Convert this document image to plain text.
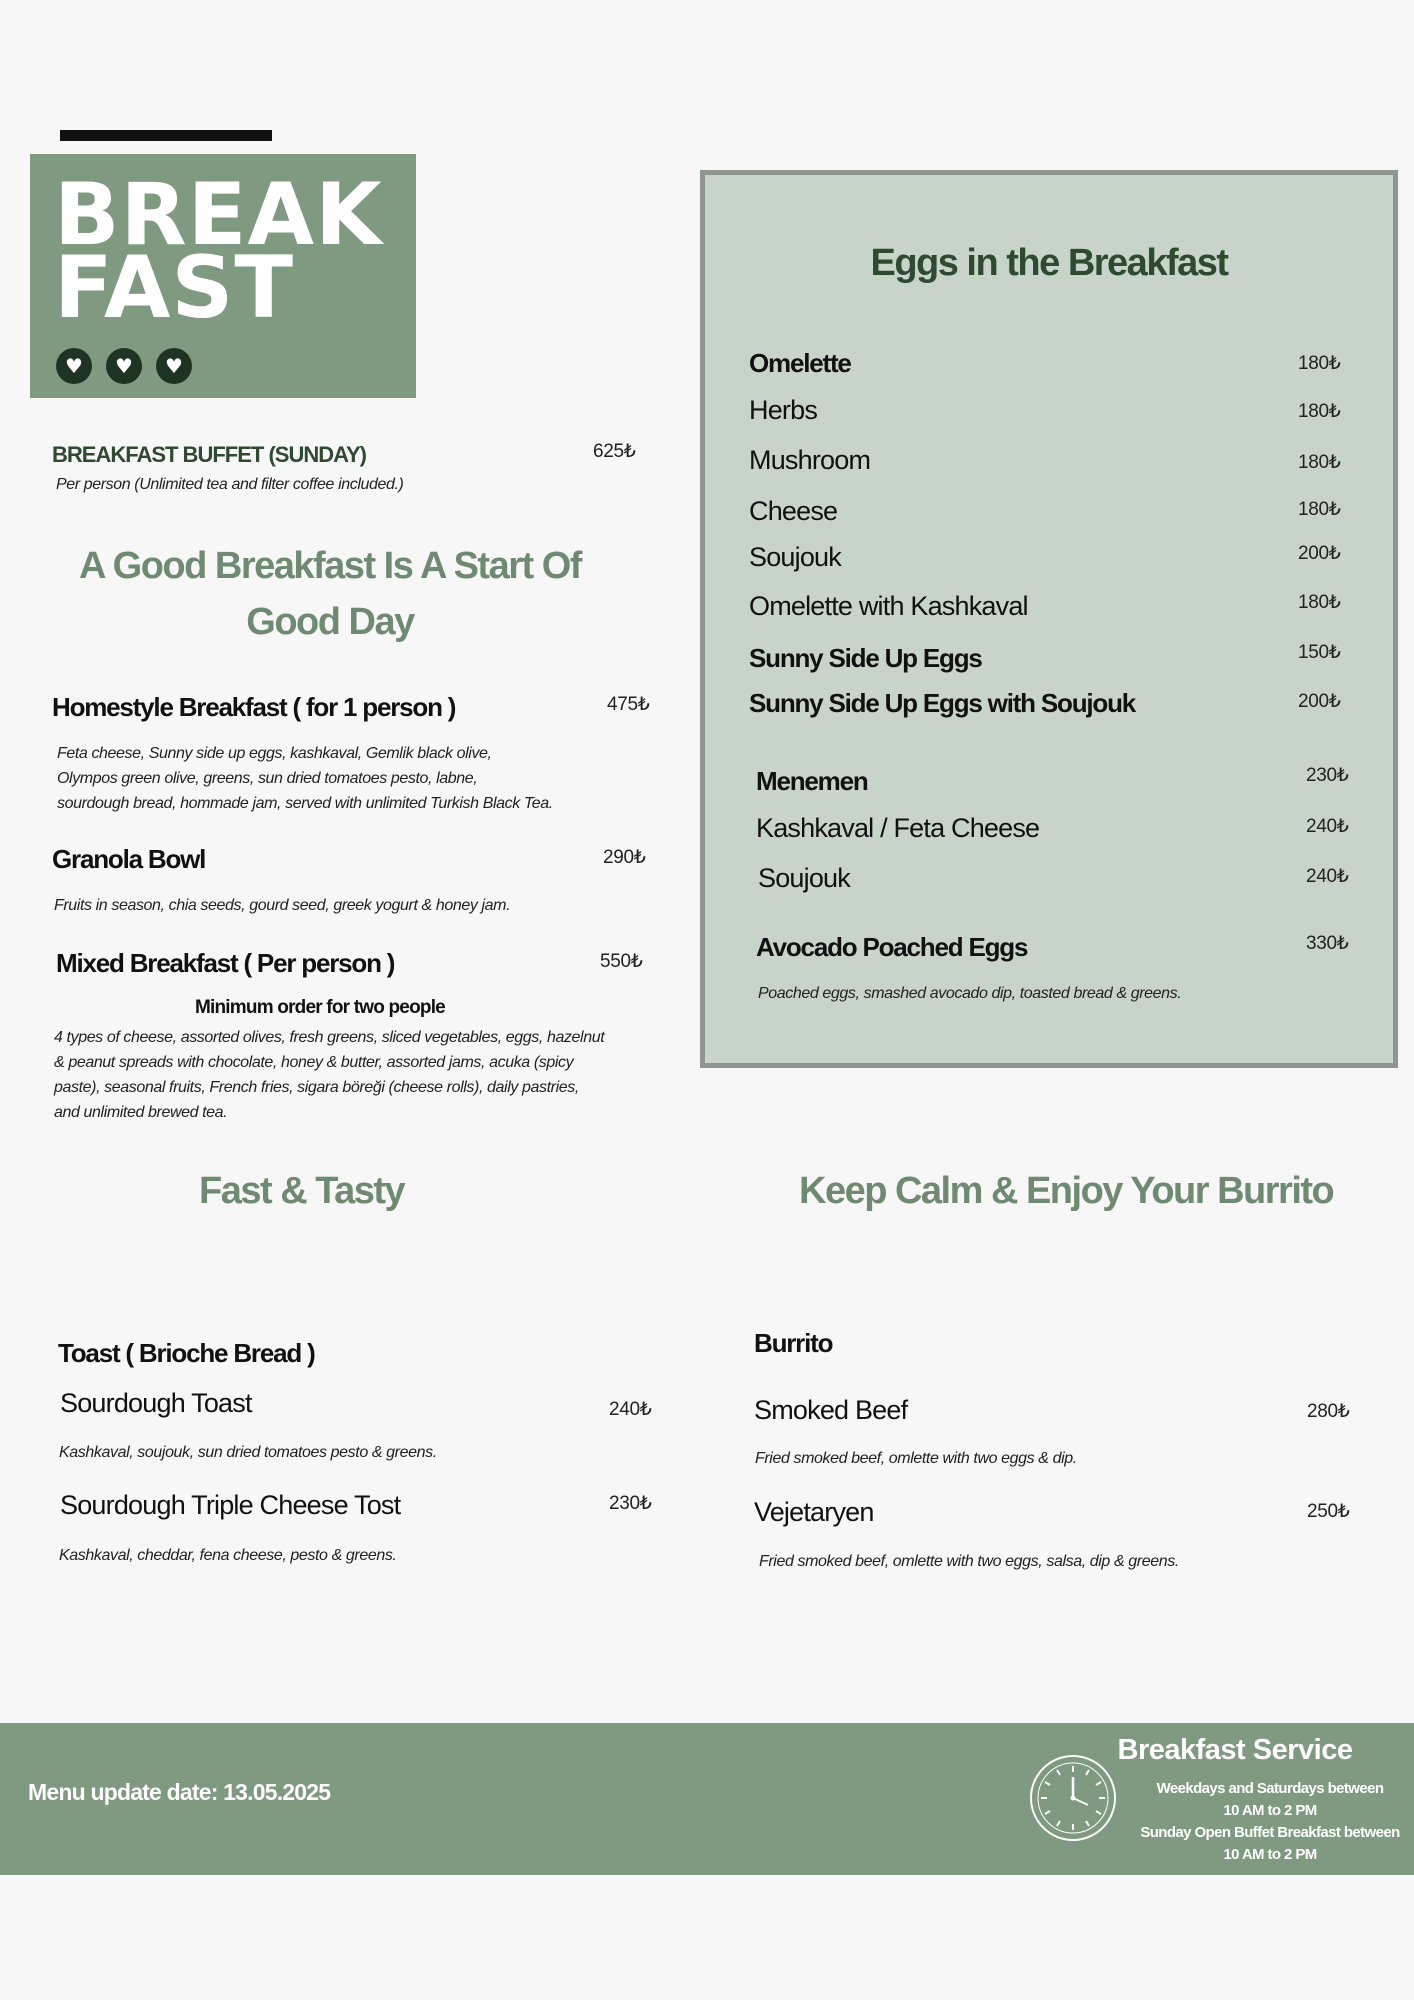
BREAK
FAST
♥	♥	♥
BREAKFAST BUFFET (SUNDAY)	625₺
Per person (Unlimited tea and filter coffee included.)
A Good Breakfast Is A Start Of
Good Day
Homestyle Breakfast ( for 1 person )	475₺
Feta cheese, Sunny side up eggs, kashkaval, Gemlik black olive,
Olympos green olive, greens, sun dried tomatoes pesto, labne,
sourdough bread, hommade jam, served with unlimited Turkish Black Tea.
Granola Bowl	290₺
Fruits in season, chia seeds, gourd seed, greek yogurt & honey jam.
Mixed Breakfast ( Per person )	550₺
Minimum order for two people
4 types of cheese, assorted olives, fresh greens, sliced vegetables, eggs, hazelnut
& peanut spreads with chocolate, honey & butter, assorted jams, acuka (spicy
paste), seasonal fruits, French fries, sigara böreği (cheese rolls), daily pastries,
and unlimited brewed tea.
Eggs in the Breakfast
Omelette	180₺
Herbs	180₺
Mushroom	180₺
Cheese	180₺
Soujouk	200₺
Omelette with Kashkaval	180₺
Sunny Side Up Eggs	150₺
Sunny Side Up Eggs with Soujouk	200₺
Menemen	230₺
Kashkaval / Feta Cheese	240₺
Soujouk	240₺
Avocado Poached Eggs	330₺
Poached eggs, smashed avocado dip, toasted bread & greens.
Fast & Tasty
Toast ( Brioche Bread )
Sourdough Toast	240₺
Kashkaval, soujouk, sun dried tomatoes pesto & greens.
Sourdough Triple Cheese Tost	230₺
Kashkaval, cheddar, fena cheese, pesto & greens.
Keep Calm & Enjoy Your Burrito
Burrito
Smoked Beef	280₺
Fried smoked beef, omlette with two eggs & dip.
Vejetaryen	250₺
Fried smoked beef, omlette with two eggs, salsa, dip & greens.
Menu update date: 13.05.2025
Breakfast Service
Weekdays and Saturdays between
10 AM to 2 PM
Sunday Open Buffet Breakfast between
10 AM to 2 PM
